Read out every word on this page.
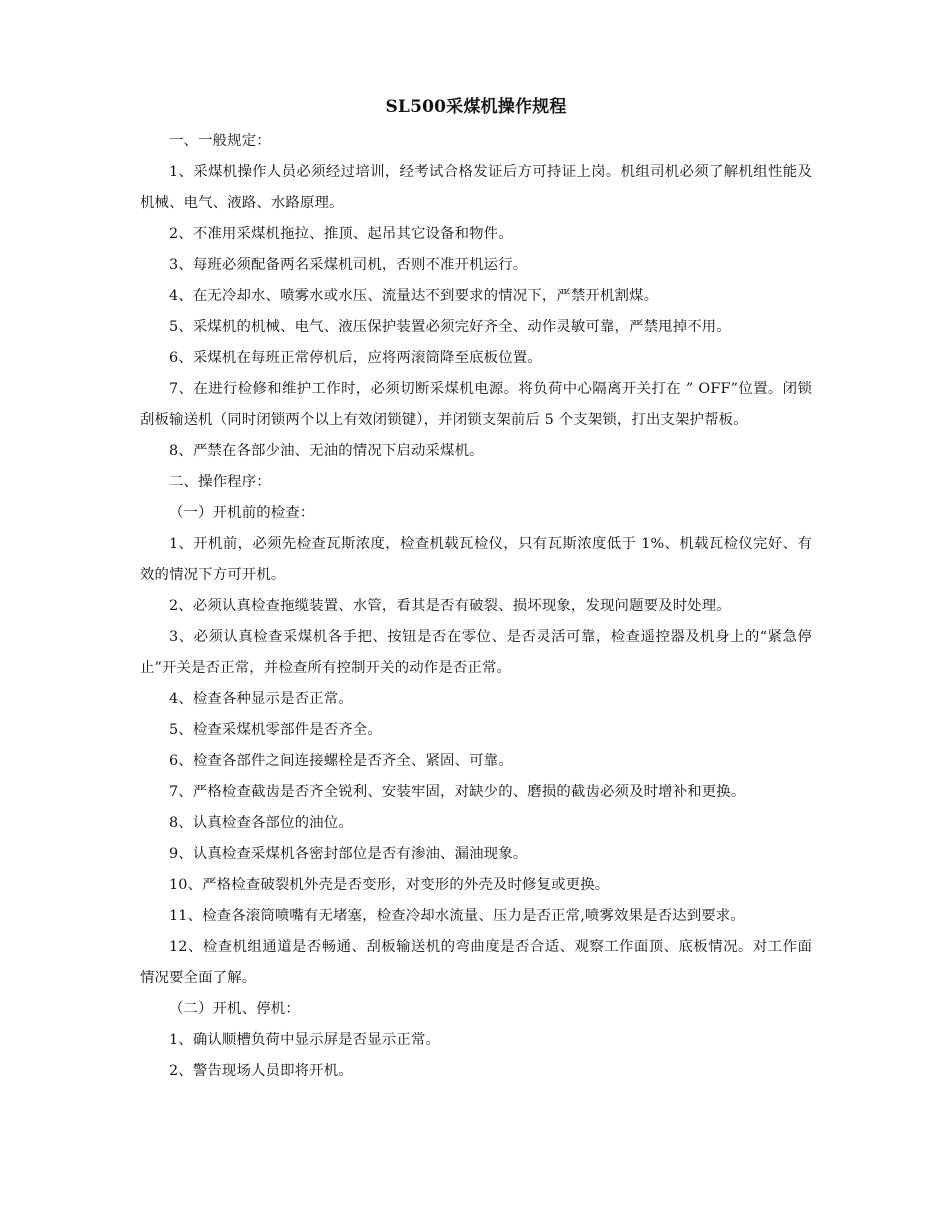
SL500采煤机操作规程

一、一般规定：

1、采煤机操作人员必须经过培训，经考试合格发证后方可持证上岗。机组司机必须了解机组性能及机械、电气、液路、水路原理。

2、不准用采煤机拖拉、推顶、起吊其它设备和物件。

3、每班必须配备两名采煤机司机，否则不准开机运行。

4、在无冷却水、喷雾水或水压、流量达不到要求的情况下，严禁开机割煤。

5、采煤机的机械、电气、液压保护装置必须完好齐全、动作灵敏可靠，严禁甩掉不用。

6、采煤机在每班正常停机后，应将两滚筒降至底板位置。

7、在进行检修和维护工作时，必须切断采煤机电源。将负荷中心隔离开关打在 ” OFF”位置。闭锁刮板输送机（同时闭锁两个以上有效闭锁键），并闭锁支架前后 5 个支架锁，打出支架护帮板。

8、严禁在各部少油、无油的情况下启动采煤机。

二、操作程序：

（一）开机前的检查：

1、开机前，必须先检查瓦斯浓度，检查机载瓦检仪，只有瓦斯浓度低于 1%、机载瓦检仪完好、有效的情况下方可开机。

2、必须认真检查拖缆装置、水管，看其是否有破裂、损坏现象，发现问题要及时处理。

3、必须认真检查采煤机各手把、按钮是否在零位、是否灵活可靠，检查遥控器及机身上的“紧急停止”开关是否正常，并检查所有控制开关的动作是否正常。

4、检查各种显示是否正常。

5、检查采煤机零部件是否齐全。

6、检查各部件之间连接螺栓是否齐全、紧固、可靠。

7、严格检查截齿是否齐全锐利、安装牢固，对缺少的、磨损的截齿必须及时增补和更换。

8、认真检查各部位的油位。

9、认真检查采煤机各密封部位是否有渗油、漏油现象。

10、严格检查破裂机外壳是否变形，对变形的外壳及时修复或更换。

11、检查各滚筒喷嘴有无堵塞，检查冷却水流量、压力是否正常,喷雾效果是否达到要求。

12、检查机组通道是否畅通、刮板输送机的弯曲度是否合适、观察工作面顶、底板情况。对工作面情况要全面了解。

（二）开机、停机：

1、确认顺槽负荷中显示屏是否显示正常。

2、警告现场人员即将开机。
